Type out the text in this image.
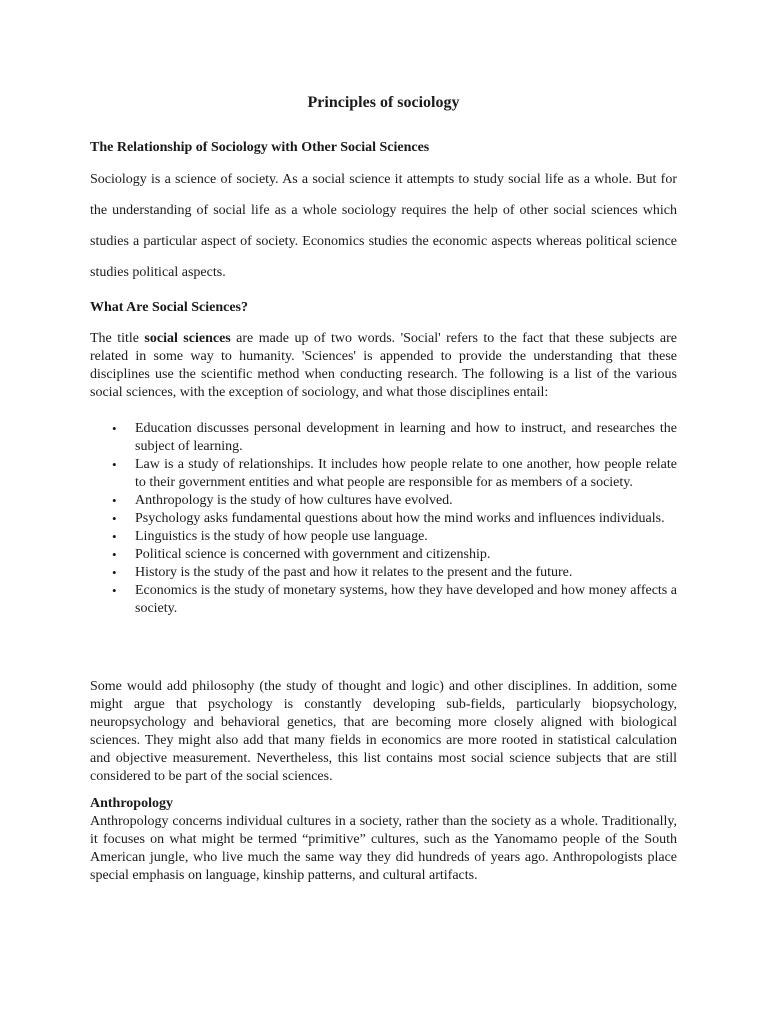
Principles of sociology
The Relationship of Sociology with Other Social Sciences

Sociology is a science of society. As a social science it attempts to study social life as a whole. But for the understanding of social life as a whole sociology requires the help of other social sciences which studies a particular aspect of society. Economics studies the economic aspects whereas political science studies political aspects.

What Are Social Sciences?

The title social sciences are made up of two words. 'Social' refers to the fact that these subjects are related in some way to humanity. 'Sciences' is appended to provide the understanding that these disciplines use the scientific method when conducting research. The following is a list of the various social sciences, with the exception of sociology, and what those disciplines entail:

• Education discusses personal development in learning and how to instruct, and researches the subject of learning.
• Law is a study of relationships. It includes how people relate to one another, how people relate to their government entities and what people are responsible for as members of a society.
• Anthropology is the study of how cultures have evolved.
• Psychology asks fundamental questions about how the mind works and influences individuals.
• Linguistics is the study of how people use language.
• Political science is concerned with government and citizenship.
• History is the study of the past and how it relates to the present and the future.
• Economics is the study of monetary systems, how they have developed and how money affects a society.

Some would add philosophy (the study of thought and logic) and other disciplines. In addition, some might argue that psychology is constantly developing sub-fields, particularly biopsychology, neuropsychology and behavioral genetics, that are becoming more closely aligned with biological sciences. They might also add that many fields in economics are more rooted in statistical calculation and objective measurement. Nevertheless, this list contains most social science subjects that are still considered to be part of the social sciences.

Anthropology

Anthropology concerns individual cultures in a society, rather than the society as a whole. Traditionally, it focuses on what might be termed “primitive” cultures, such as the Yanomamo people of the South American jungle, who live much the same way they did hundreds of years ago. Anthropologists place special emphasis on language, kinship patterns, and cultural artifacts.
